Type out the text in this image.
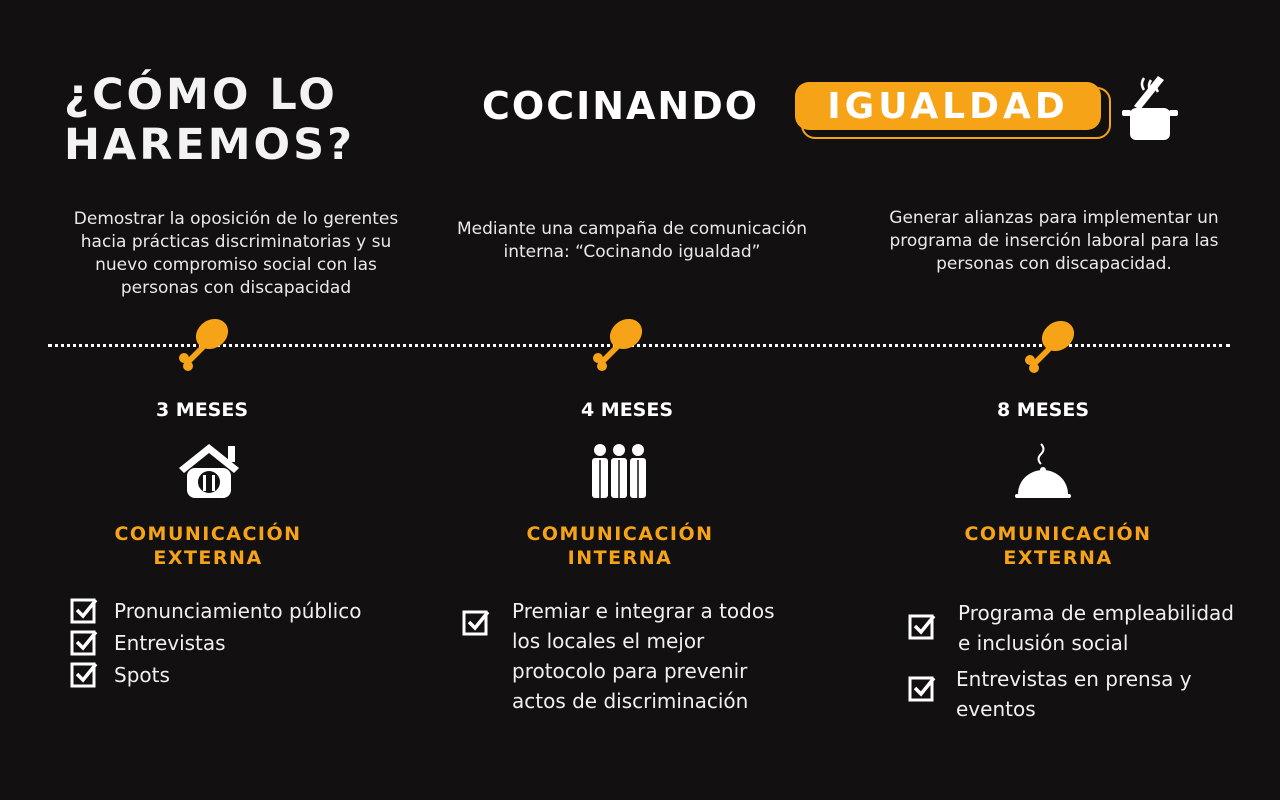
¿CÓMO LO HAREMOS?
COCINANDO IGUALDAD
Demostrar la oposición de lo gerentes hacia prácticas discriminatorias y su nuevo compromiso social con las personas con discapacidad
Mediante una campaña de comunicación interna: “Cocinando igualdad”
Generar alianzas para implementar un programa de inserción laboral para las personas con discapacidad.
3 MESES	4 MESES	8 MESES
COMUNICACIÓN EXTERNA
COMUNICACIÓN INTERNA
COMUNICACIÓN EXTERNA
Pronunciamiento público
Entrevistas
Spots
Premiar e integrar a todos los locales el mejor protocolo para prevenir actos de discriminación
Programa de empleabilidad e inclusión social
Entrevistas en prensa y eventos
